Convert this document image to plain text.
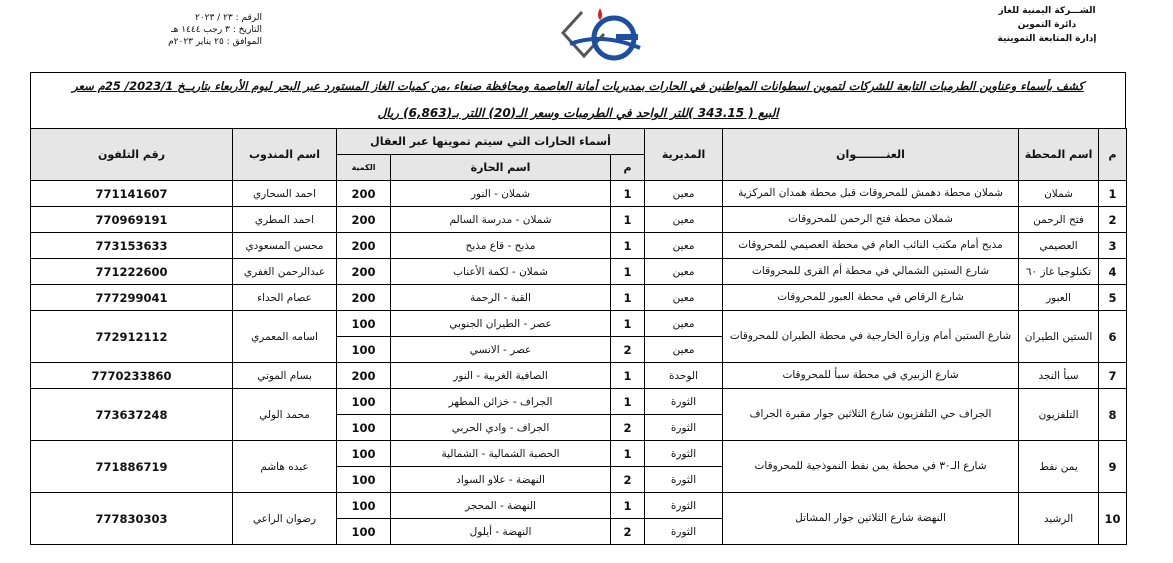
الشـــركة اليمنية للغاز
دائرة التموين
إدارة المتابعة التموينية
الرقم : ٢٣ / ٢٠٢٣
التاريخ : ٣ رجب ١٤٤٤ هـ
الموافق : ٢٥ يناير ٢٠٢٣م
كشف بأسماء وعناوين الطرمبات التابعة للشركات لتموين اسطوانات المواطنين في الحارات بمديريات أمانة العاصمة ومحافظة صنعاء ،من كميات الغاز المستورد عبر البحر ليوم الأربعاء بتاريــخ 2023/1/ 25م سعر
البيع ( 343.15 )للتر الواحد في الطرمبات وسعر الـ(20) اللتر بـ(6,863) ريال
م	اسم المحطة	العنــــــــوان	المديرية	أسماء الحارات التي سيتم تموينها عبر العقال			اسم المندوب	رقم التلفون
				م	اسم الحارة	الكمية		
1	شملان	شملان محطة دهمش للمحروقات قبل محطة همدان المركزية	معين	1	شملان - النور	200	احمد السحاري	771141607
2	فتح الرحمن	شملان محطة فتح الرحمن للمحروقات	معين	1	شملان - مدرسة السالم	200	احمد المطري	770969191
3	العصيمي	مذبح أمام مكتب النائب العام في محطة العصيمي للمحروقات	معين	1	مذبح - قاع مذبح	200	محسن المسعودي	773153633
4	تكنلوجيا غاز ٦٠	شارع الستين الشمالي في محطة أم القرى للمحروقات	معين	1	شملان - لكمة الأعناب	200	عبدالرحمن الغفري	771222600
5	العبور	شارع الرقاص في محطة العبور للمحروقات	معين	1	القبة - الرحمة	200	عصام الحداء	777299041
6	الستين الطيران	شارع الستين أمام وزارة الخارجية في محطة الطيران للمحروقات	معين	1	عصر - الطيران الجنوبي	100	اسامه المعمري	772912112
			معين	2	عصر - الانسي	100		
7	سبأ النجد	شارع الزبيري في محطة سبأ للمحروقات	الوحدة	1	الصافية الغربية - النور	200	بسام الموتي	7770233860
8	التلفزيون	الجراف حي التلفزيون شارع الثلاثين جوار مقبرة الجراف	الثورة	1	الجراف - خزائن المطهر	100	محمد الولي	773637248
			الثورة	2	الجراف - وادي الحربي	100		
9	يمن نفط	شارع الـ٣٠ في محطة يمن نفط النموذجية للمحروقات	الثورة	1	الحصبة الشمالية - الشمالية	100	عبده هاشم	771886719
			الثورة	2	النهضة - علاو السواد	100		
10	الرشيد	النهضة شارع الثلاثين جوار المشاتل	الثورة	1	النهضة - المحجر	100	رضوان الراعي	777830303
			الثورة	2	النهضة - أيلول	100		
